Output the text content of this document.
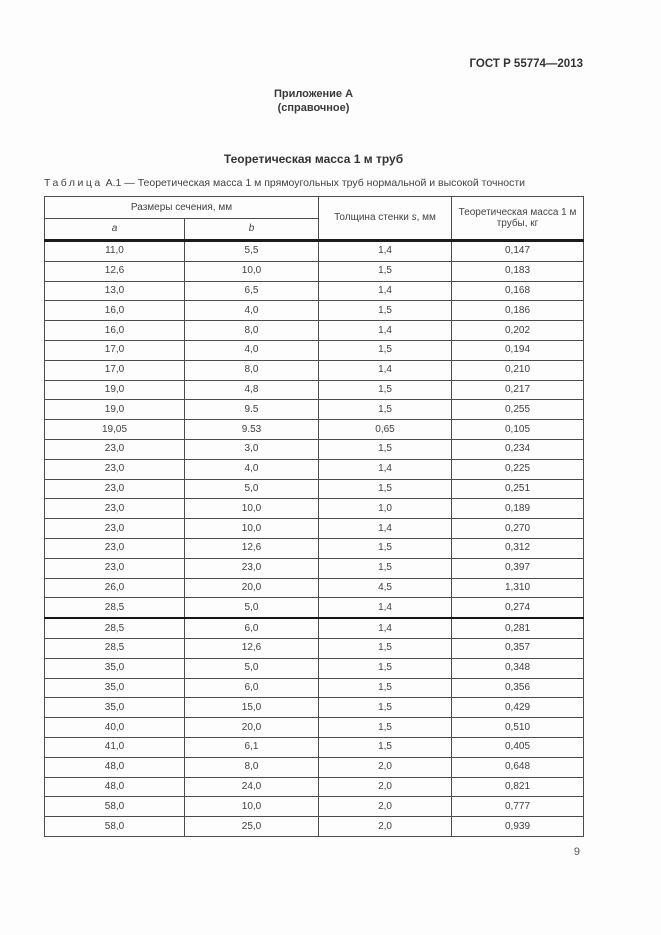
ГОСТ Р 55774—2013
Приложение А
(справочное)
Теоретическая масса 1 м труб
Таблица А.1 — Теоретическая масса 1 м прямоугольных труб нормальной и высокой точности
Размеры сечения, мм		Толщина стенки s, мм	Теоретическая масса 1 м
трубы, кг

a	b		
11,0	5,5	1,4	0,147
12,6	10,0	1,5	0,183
13,0	6,5	1,4	0,168
16,0	4,0	1,5	0,186
16,0	8,0	1,4	0,202
17,0	4,0	1,5	0,194
17,0	8,0	1,4	0,210
19,0	4,8	1,5	0,217
19,0	9.5	1,5	0,255
19,05	9.53	0,65	0,105
23,0	3,0	1,5	0,234
23,0	4,0	1,4	0,225
23,0	5,0	1,5	0,251
23,0	10,0	1,0	0,189
23,0	10,0	1,4	0,270
23,0	12,6	1,5	0,312
23,0	23,0	1,5	0,397
26,0	20,0	4,5	1,310
28,5	5,0	1,4	0,274
28,5	6,0	1,4	0,281
28,5	12,6	1,5	0,357
35,0	5,0	1,5	0,348
35,0	6,0	1,5	0,356
35,0	15,0	1,5	0,429
40,0	20,0	1,5	0,510
41,0	6,1	1,5	0,405
48,0	8,0	2,0	0,648
48,0	24,0	2,0	0,821
58,0	10,0	2,0	0,777
58,0	25,0	2,0	0,939
9
